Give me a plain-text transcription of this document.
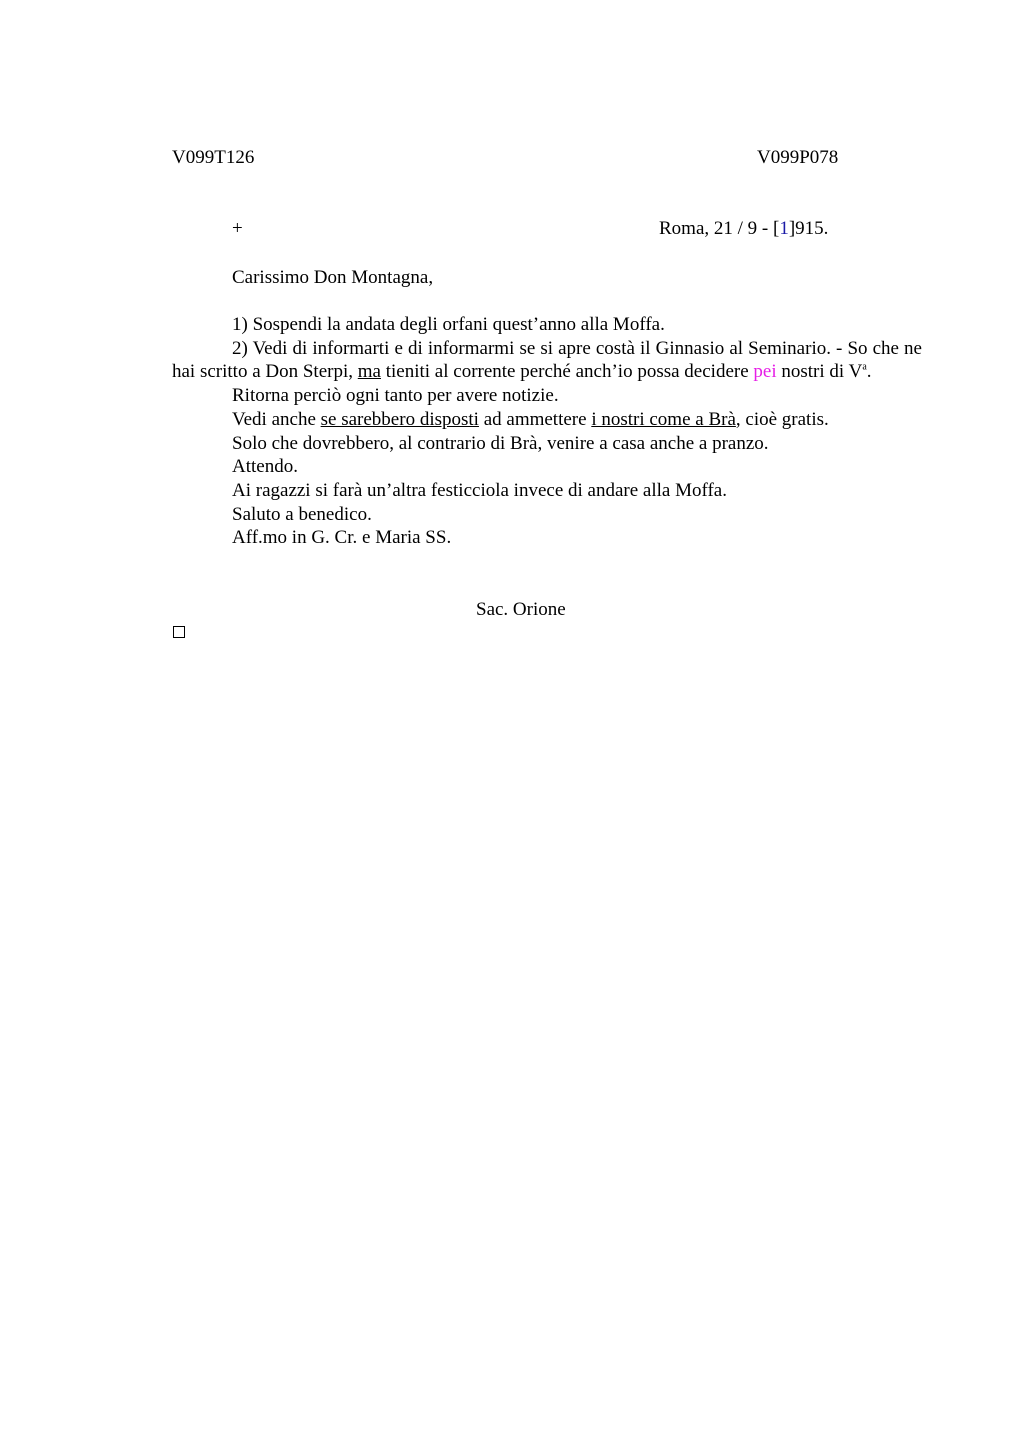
V099T126	V099P078
+	Roma, 21 / 9 - [1]915.
Carissimo Don Montagna,

1) Sospendi la andata degli orfani quest’anno alla Moffa.

2) Vedi di informarti e di informarmi se si apre costà il Ginnasio al Seminario. - So che ne hai scritto a Don Sterpi, ma tieniti al corrente perché anch’io possa decidere pei nostri di $V^a$.

Ritorna perciò ogni tanto per avere notizie.

Vedi anche se sarebbero disposti ad ammettere i nostri come a Brà, cioè gratis.

Solo che dovrebbero, al contrario di Brà, venire a casa anche a pranzo.

Attendo.

Ai ragazzi si farà un’altra festicciola invece di andare alla Moffa.

Saluto a benedico.

Aff.mo in G. Cr. e Maria SS.

Sac. Orione
